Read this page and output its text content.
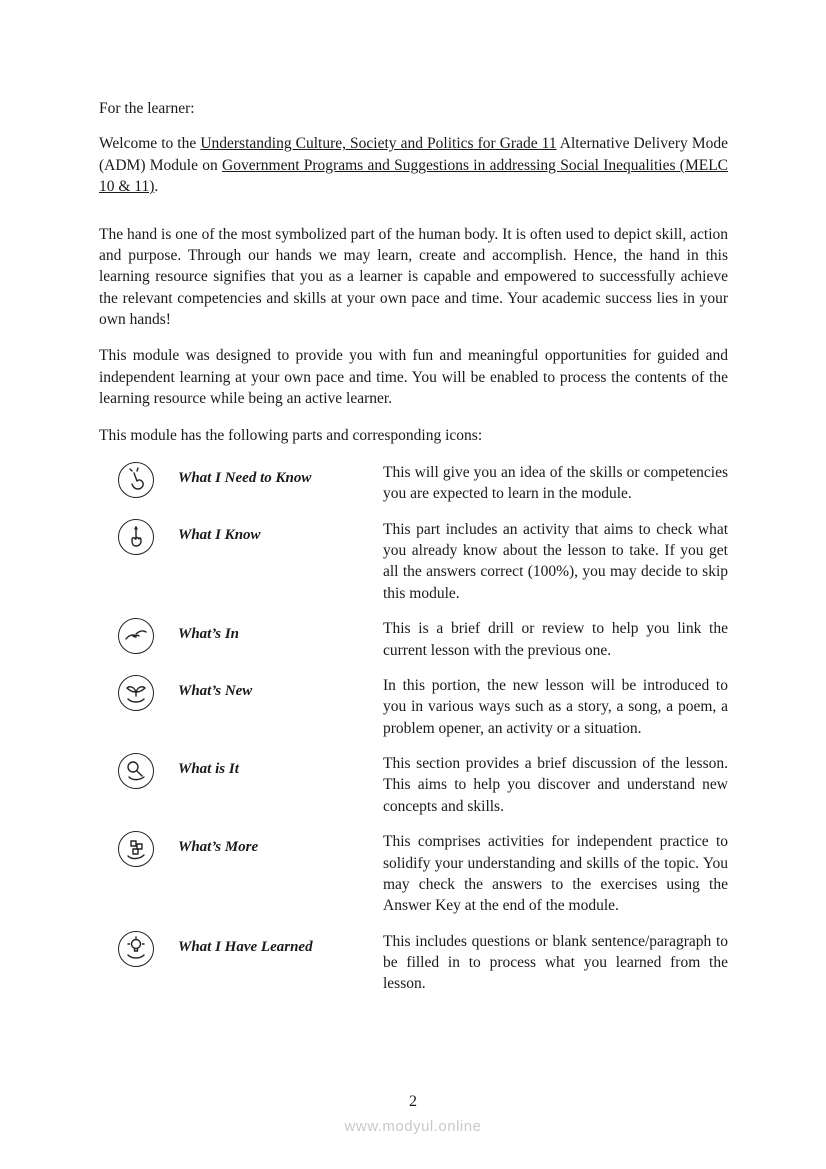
For the learner:

Welcome to the Understanding Culture, Society and Politics for Grade 11 Alternative Delivery Mode (ADM) Module on Government Programs and Suggestions in addressing Social Inequalities (MELC 10 & 11).

The hand is one of the most symbolized part of the human body. It is often used to depict skill, action and purpose. Through our hands we may learn, create and accomplish. Hence, the hand in this learning resource signifies that you as a learner is capable and empowered to successfully achieve the relevant competencies and skills at your own pace and time. Your academic success lies in your own hands!

This module was designed to provide you with fun and meaningful opportunities for guided and independent learning at your own pace and time. You will be enabled to process the contents of the learning resource while being an active learner.

This module has the following parts and corresponding icons:

What I Need to Know	This will give you an idea of the skills or competencies you are expected to learn in the module.
What I Know	This part includes an activity that aims to check what you already know about the lesson to take. If you get all the answers correct (100%), you may decide to skip this module.
What’s In	This is a brief drill or review to help you link the current lesson with the previous one.
What’s New	In this portion, the new lesson will be introduced to you in various ways such as a story, a song, a poem, a problem opener, an activity or a situation.
What is It	This section provides a brief discussion of the lesson. This aims to help you discover and understand new concepts and skills.
What’s More	This comprises activities for independent practice to solidify your understanding and skills of the topic. You may check the answers to the exercises using the Answer Key at the end of the module.
What I Have Learned	This includes questions or blank sentence/paragraph to be filled in to process what you learned from the lesson.
2
www.modyul.online
